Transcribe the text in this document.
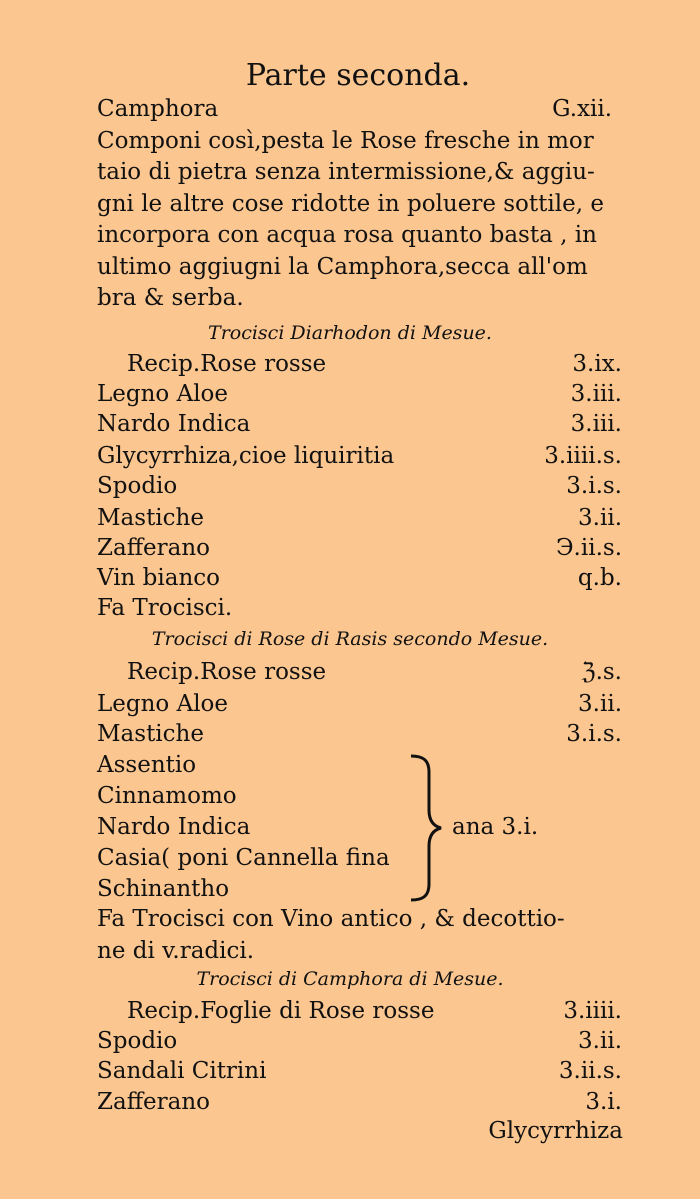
Parte seconda.
Camphora	G.xii.
Componi così,pesta le Rose fresche in mor
taio di pietra senza intermissione,& aggiu-
gni le altre cose ridotte in poluere sottile, e
incorpora con acqua rosa quanto basta , in
ultimo aggiugni la Camphora,secca all'om
bra & serba.
Trocisci Diarhodon di Mesue.
Recip.Rose rosse	3.ix.
Legno Aloe	3.iii.
Nardo Indica	3.iii.
Glycyrrhiza,cioe liquiritia	3.iiii.s.
Spodio	3.i.s.
Mastiche	3.ii.
Zafferano	Э.ii.s.
Vin bianco	q.b.
Fa Trocisci.
Trocisci di Rose di Rasis secondo Mesue.
Recip.Rose rosse	ℨ.s.
Legno Aloe	3.ii.
Mastiche	3.i.s.
Assentio
Cinnamomo
Nardo Indica
Casia( poni Cannella fina
Schinantho
ana 3.i.
Fa Trocisci con Vino antico , & decottio-
ne di v.radici.
Trocisci di Camphora di Mesue.
Recip.Foglie di Rose rosse	3.iiii.
Spodio	3.ii.
Sandali Citrini	3.ii.s.
Zafferano	3.i.
Glycyrrhiza
